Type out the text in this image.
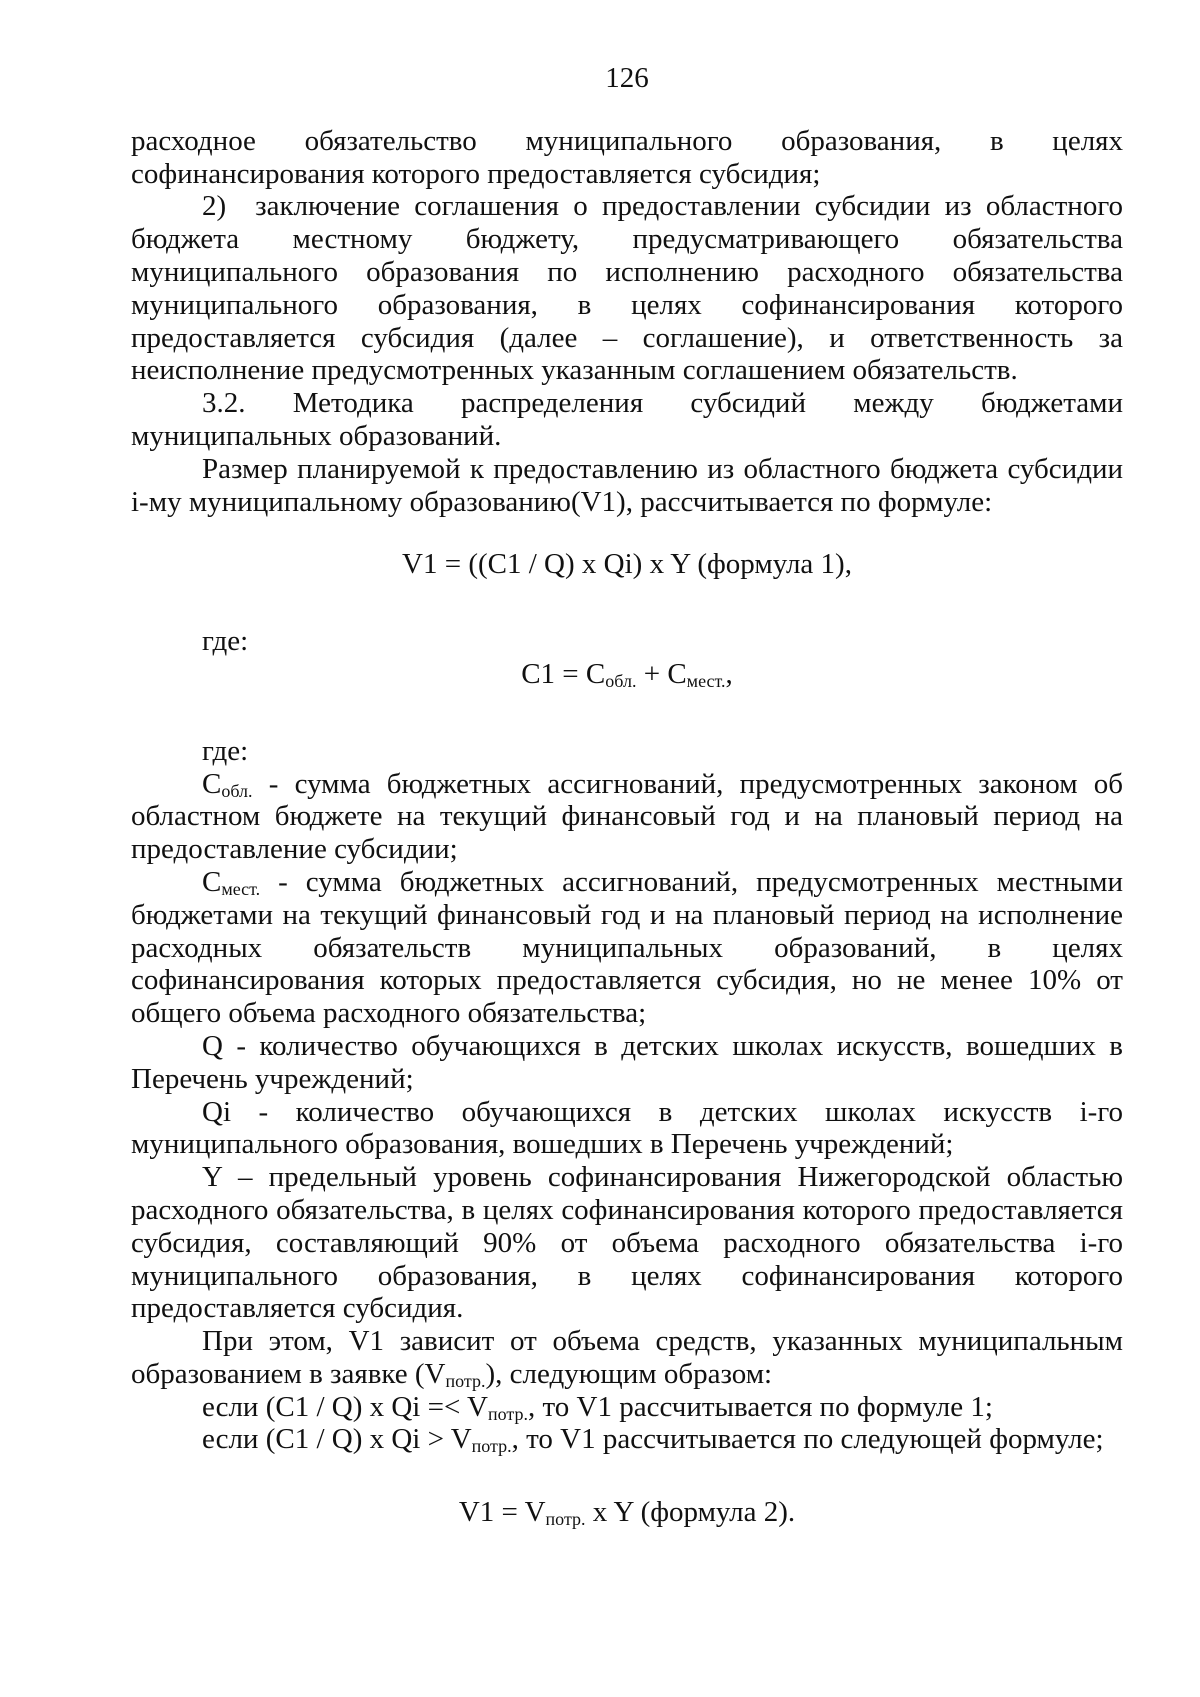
126

расходное обязательство муниципального образования, в целях

софинансирования которого предоставляется субсидия;

2) заключение соглашения о предоставлении субсидии из областного бюджета местному бюджету, предусматривающего обязательства муниципального образования по исполнению расходного обязательства муниципального образования, в целях софинансирования которого предоставляется субсидия (далее – соглашение), и ответственность за неисполнение предусмотренных указанным соглашением обязательств.

3.2. Методика распределения субсидий между бюджетами муниципальных образований.

Размер планируемой к предоставлению из областного бюджета субсидии i-му муниципальному образованию(V1), рассчитывается по формуле:

V1 = ((C1 / Q) x Qi) x Y (формула 1),

где:

$C1 = С_{обл.} + С_{мест.}$,

где:

$С_{обл.}$ - сумма бюджетных ассигнований, предусмотренных законом об областном бюджете на текущий финансовый год и на плановый период на предоставление субсидии;

$С_{мест.}$ - сумма бюджетных ассигнований, предусмотренных местными бюджетами на текущий финансовый год и на плановый период на исполнение расходных обязательств муниципальных образований, в целях софинансирования которых предоставляется субсидия, но не менее 10% от общего объема расходного обязательства;

Q - количество обучающихся в детских школах искусств, вошедших в Перечень учреждений;

Qi - количество обучающихся в детских школах искусств i-го муниципального образования, вошедших в Перечень учреждений;

Y – предельный уровень софинансирования Нижегородской областью расходного обязательства, в целях софинансирования которого предоставляется субсидия, составляющий 90% от объема расходного обязательства i-го муниципального образования, в целях софинансирования которого предоставляется субсидия.

При этом, V1 зависит от объема средств, указанных муниципальным образованием в заявке $(V_{потр.})$, следующим образом:

если (C1 / Q) x $Qi =< V_{потр.}$, то V1 рассчитывается по формуле 1;

если (C1 / Q) x $Qi > V_{потр.}$, то V1 рассчитывается по следующей формуле;

$V1 = V_{потр.}$ x Y (формула 2).
